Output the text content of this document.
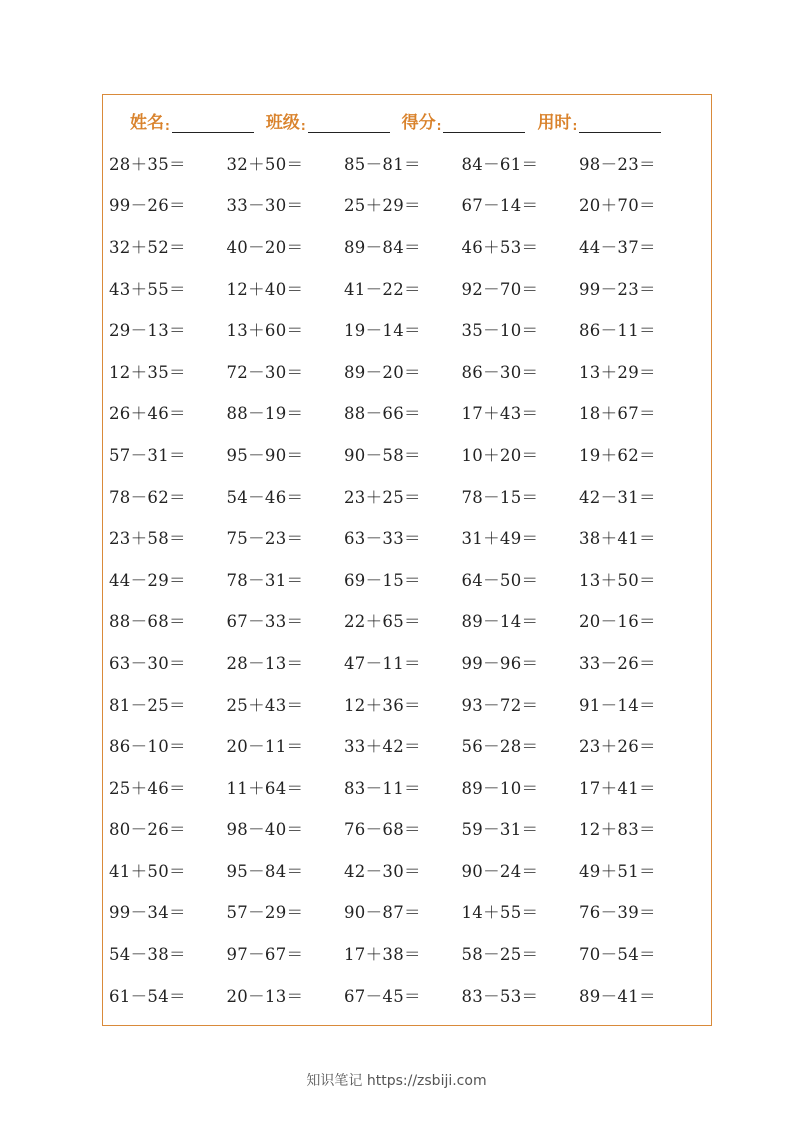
姓名 :	班级 :	得分 :	用时 :
28＋35＝	32＋50＝	85－81＝	84－61＝	98－23＝
99－26＝	33－30＝	25＋29＝	67－14＝	20＋70＝
32＋52＝	40－20＝	89－84＝	46＋53＝	44－37＝
43＋55＝	12＋40＝	41－22＝	92－70＝	99－23＝
29－13＝	13＋60＝	19－14＝	35－10＝	86－11＝
12＋35＝	72－30＝	89－20＝	86－30＝	13＋29＝
26＋46＝	88－19＝	88－66＝	17＋43＝	18＋67＝
57－31＝	95－90＝	90－58＝	10＋20＝	19＋62＝
78－62＝	54－46＝	23＋25＝	78－15＝	42－31＝
23＋58＝	75－23＝	63－33＝	31＋49＝	38＋41＝
44－29＝	78－31＝	69－15＝	64－50＝	13＋50＝
88－68＝	67－33＝	22＋65＝	89－14＝	20－16＝
63－30＝	28－13＝	47－11＝	99－96＝	33－26＝
81－25＝	25＋43＝	12＋36＝	93－72＝	91－14＝
86－10＝	20－11＝	33＋42＝	56－28＝	23＋26＝
25＋46＝	11＋64＝	83－11＝	89－10＝	17＋41＝
80－26＝	98－40＝	76－68＝	59－31＝	12＋83＝
41＋50＝	95－84＝	42－30＝	90－24＝	49＋51＝
99－34＝	57－29＝	90－87＝	14＋55＝	76－39＝
54－38＝	97－67＝	17＋38＝	58－25＝	70－54＝
61－54＝	20－13＝	67－45＝	83－53＝	89－41＝
知识笔记 https://zsbiji.com
